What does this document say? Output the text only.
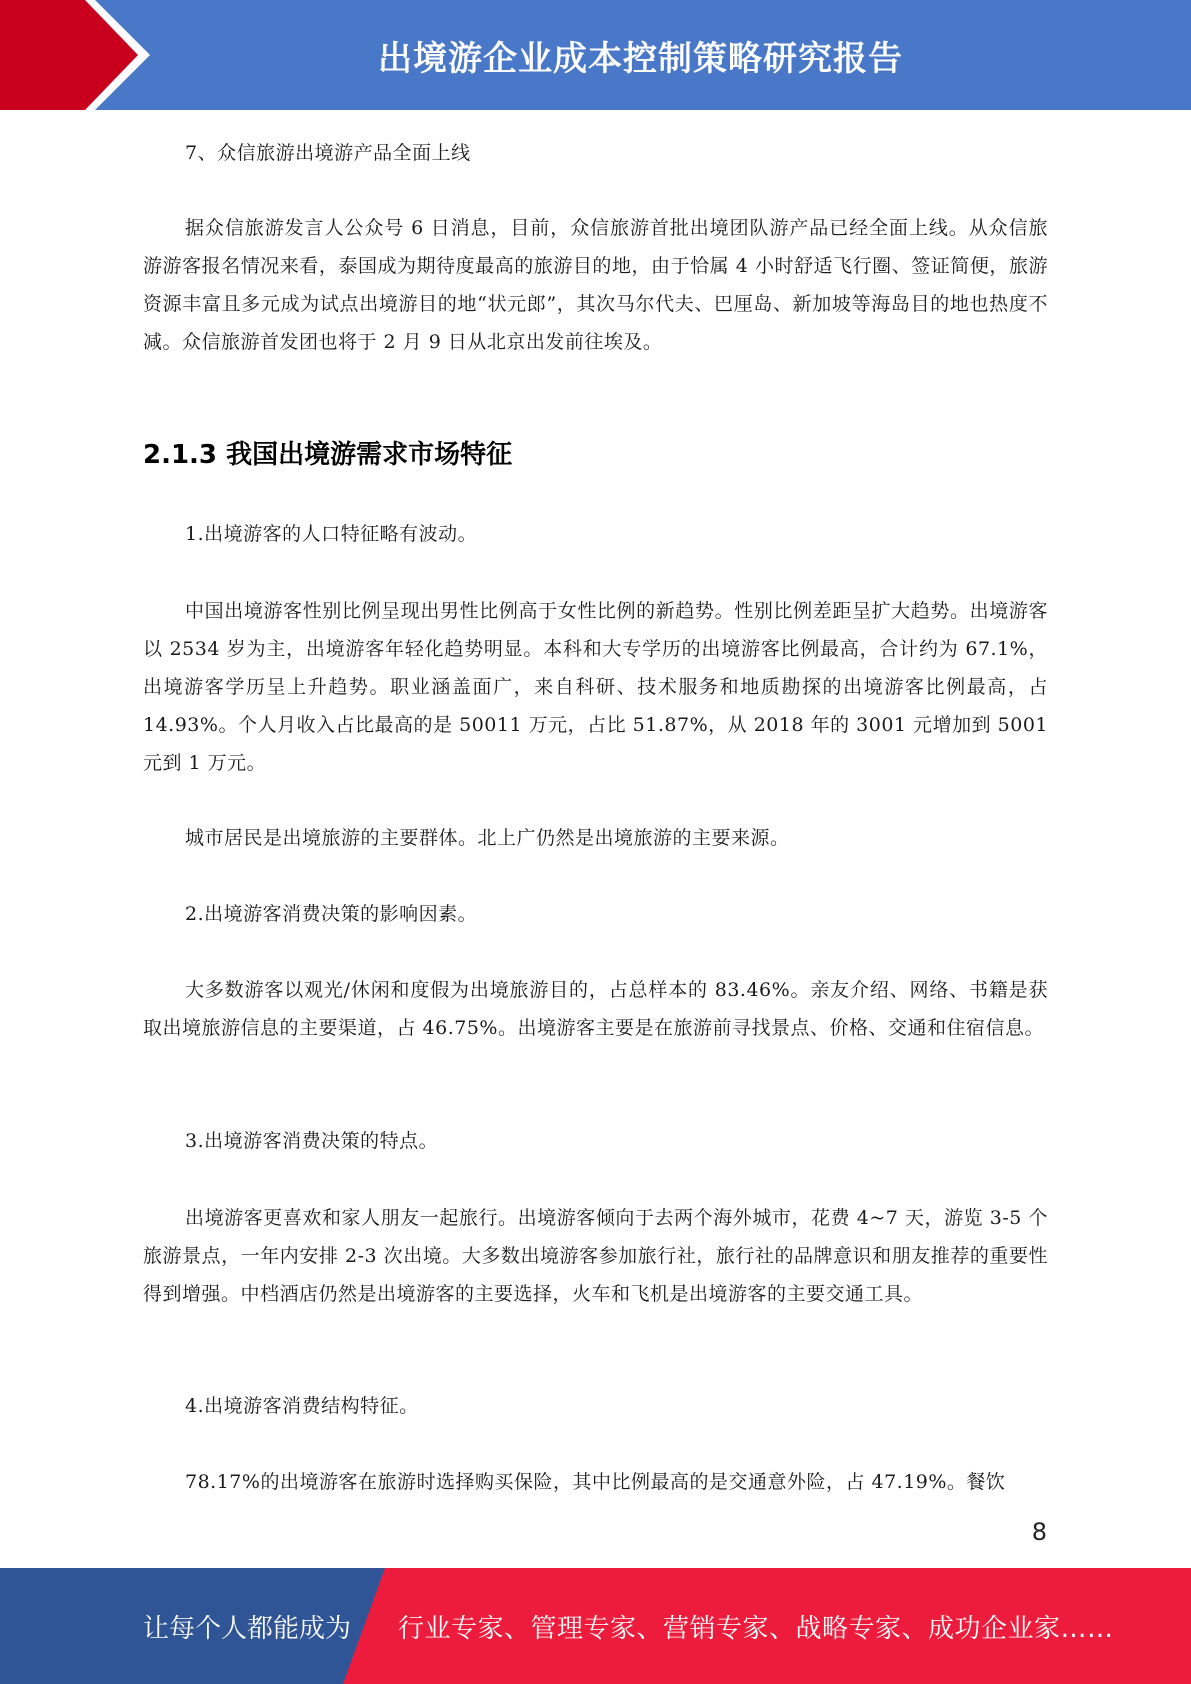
出境游企业成本控制策略研究报告

7、众信旅游出境游产品全面上线

据众信旅游发言人公众号 6 日消息，目前，众信旅游首批出境团队游产品已经全面上线。从众信旅游游客报名情况来看，泰国成为期待度最高的旅游目的地，由于恰属 4 小时舒适飞行圈、签证简便，旅游资源丰富且多元成为试点出境游目的地“状元郎”，其次马尔代夫、巴厘岛、新加坡等海岛目的地也热度不减。众信旅游首发团也将于 2 月 9 日从北京出发前往埃及。

2.1.3 我国出境游需求市场特征

1.出境游客的人口特征略有波动。

中国出境游客性别比例呈现出男性比例高于女性比例的新趋势。性别比例差距呈扩大趋势。出境游客以 2534 岁为主，出境游客年轻化趋势明显。本科和大专学历的出境游客比例最高，合计约为 67.1%，出境游客学历呈上升趋势。职业涵盖面广，来自科研、技术服务和地质勘探的出境游客比例最高，占 14.93%。个人月收入占比最高的是 50011 万元，占比 51.87%，从 2018 年的 3001 元增加到 5001 元到 1 万元。

城市居民是出境旅游的主要群体。北上广仍然是出境旅游的主要来源。

2.出境游客消费决策的影响因素。

大多数游客以观光/休闲和度假为出境旅游目的，占总样本的 83.46%。亲友介绍、网络、书籍是获取出境旅游信息的主要渠道，占 46.75%。出境游客主要是在旅游前寻找景点、价格、交通和住宿信息。

3.出境游客消费决策的特点。

出境游客更喜欢和家人朋友一起旅行。出境游客倾向于去两个海外城市，花费 4~7 天，游览 3-5 个旅游景点，一年内安排 2-3 次出境。大多数出境游客参加旅行社，旅行社的品牌意识和朋友推荐的重要性得到增强。中档酒店仍然是出境游客的主要选择，火车和飞机是出境游客的主要交通工具。

4.出境游客消费结构特征。

78.17%的出境游客在旅游时选择购买保险，其中比例最高的是交通意外险，占 47.19%。餐饮

8
让每个人都能成为 行业专家、管理专家、营销专家、战略专家、成功企业家……
